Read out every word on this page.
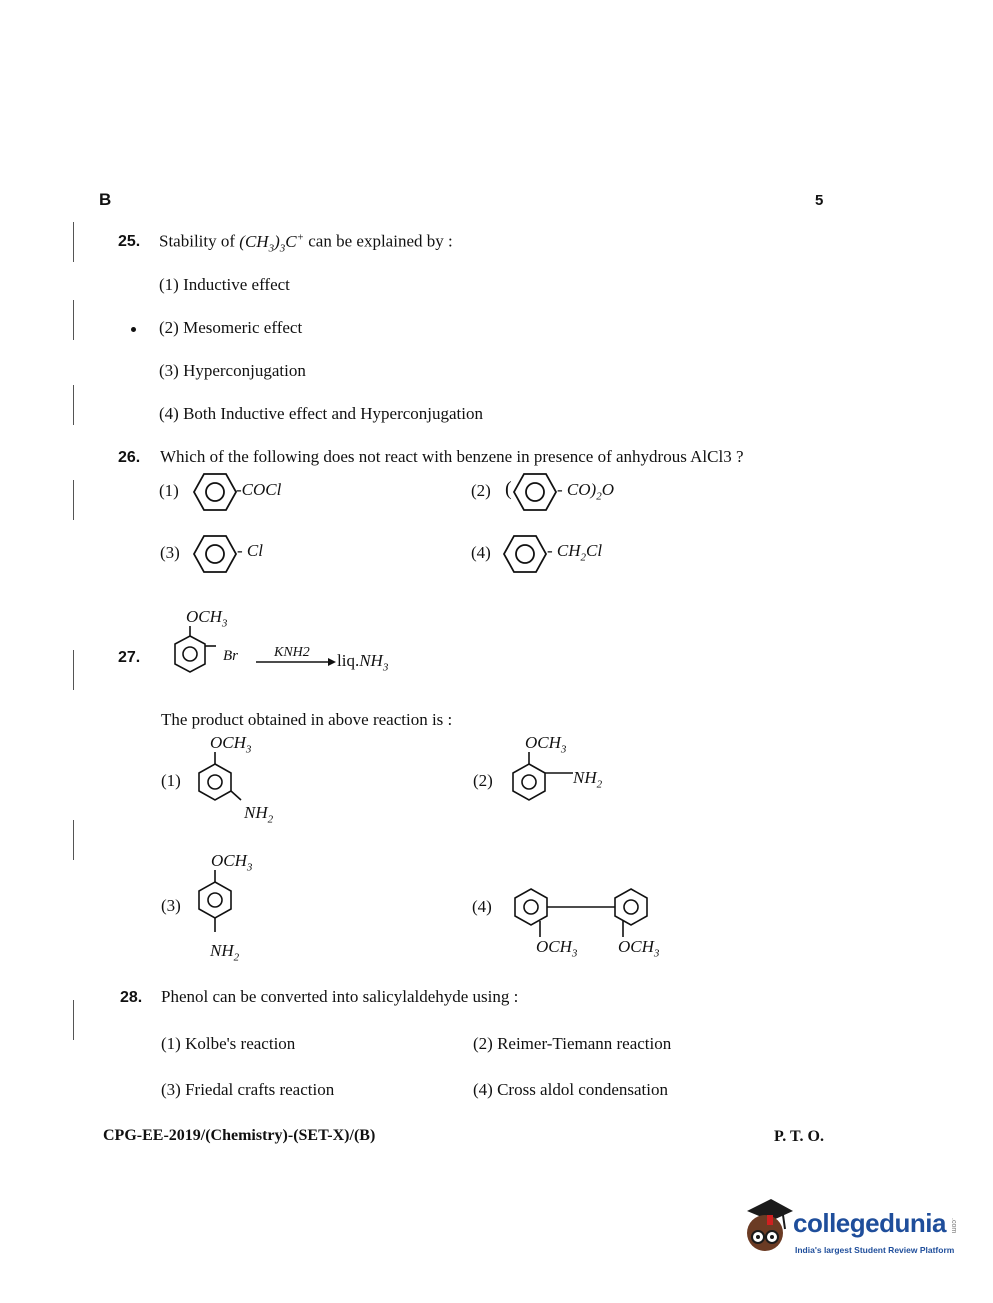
B	5
25. Stability of $(CH_3)_3C^+$ can be explained by :
(1) Inductive effect
(2) Mesomeric effect
(3) Hyperconjugation
(4) Both Inductive effect and Hyperconjugation
26. Which of the following does not react with benzene in presence of anhydrous AlCl3 ?
(1)	-COCl	(2) (	- $CO)_2O$
(3)	- Cl	(4)	- $CH_2Cl$
27.
$OCH_3$
Br	KNH2 $liq.NH_3$
The product obtained in above reaction is :
(1)
$OCH_3$
$NH_2$
(2)
$OCH_3$
$NH_2$
(3)
$OCH_3$
$NH_2$
(4)
$OCH_3$ $OCH_3$
28. Phenol can be converted into salicylaldehyde using :
(1) Kolbe's reaction	(2) Reimer-Tiemann reaction
(3) Friedal crafts reaction	(4) Cross aldol condensation
CPG-EE-2019/(Chemistry)-(SET-X)/(B)	P. T. O.
collegedunia .com
India's largest Student Review Platform
